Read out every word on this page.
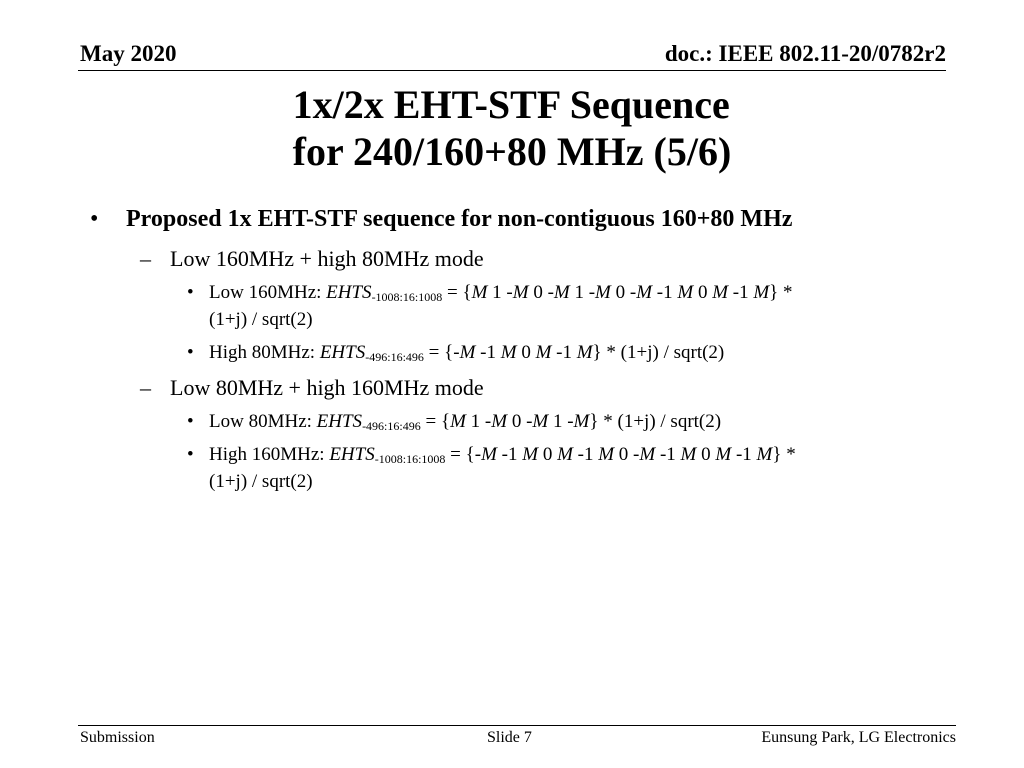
May 2020	doc.: IEEE 802.11-20/0782r2
1x/2x EHT-STF Sequence
for 240/160+80 MHz (5/6)
• Proposed 1x EHT-STF sequence for non-contiguous 160+80 MHz
– Low 160MHz + high 80MHz mode
• Low 160MHz: $EHTS_{-1008:16:1008} = \{M$ 1 -M 0 -M 1 -M 0 -M -1 M 0 M -1 M} *
(1+j) / sqrt(2)
• High 80MHz: $EHTS_{-496:16:496} = \{-M$ -1 M 0 M -1 M} * (1+j) / sqrt(2)
– Low 80MHz + high 160MHz mode
• Low 80MHz: $EHTS_{-496:16:496} = \{M$ 1 -M 0 -M 1 -M} * (1+j) / sqrt(2)
• High 160MHz: $EHTS_{-1008:16:1008} = \{-M$ -1 M 0 M -1 M 0 -M -1 M 0 M -1 M} *
(1+j) / sqrt(2)
Submission	Slide 7	Eunsung Park, LG Electronics
